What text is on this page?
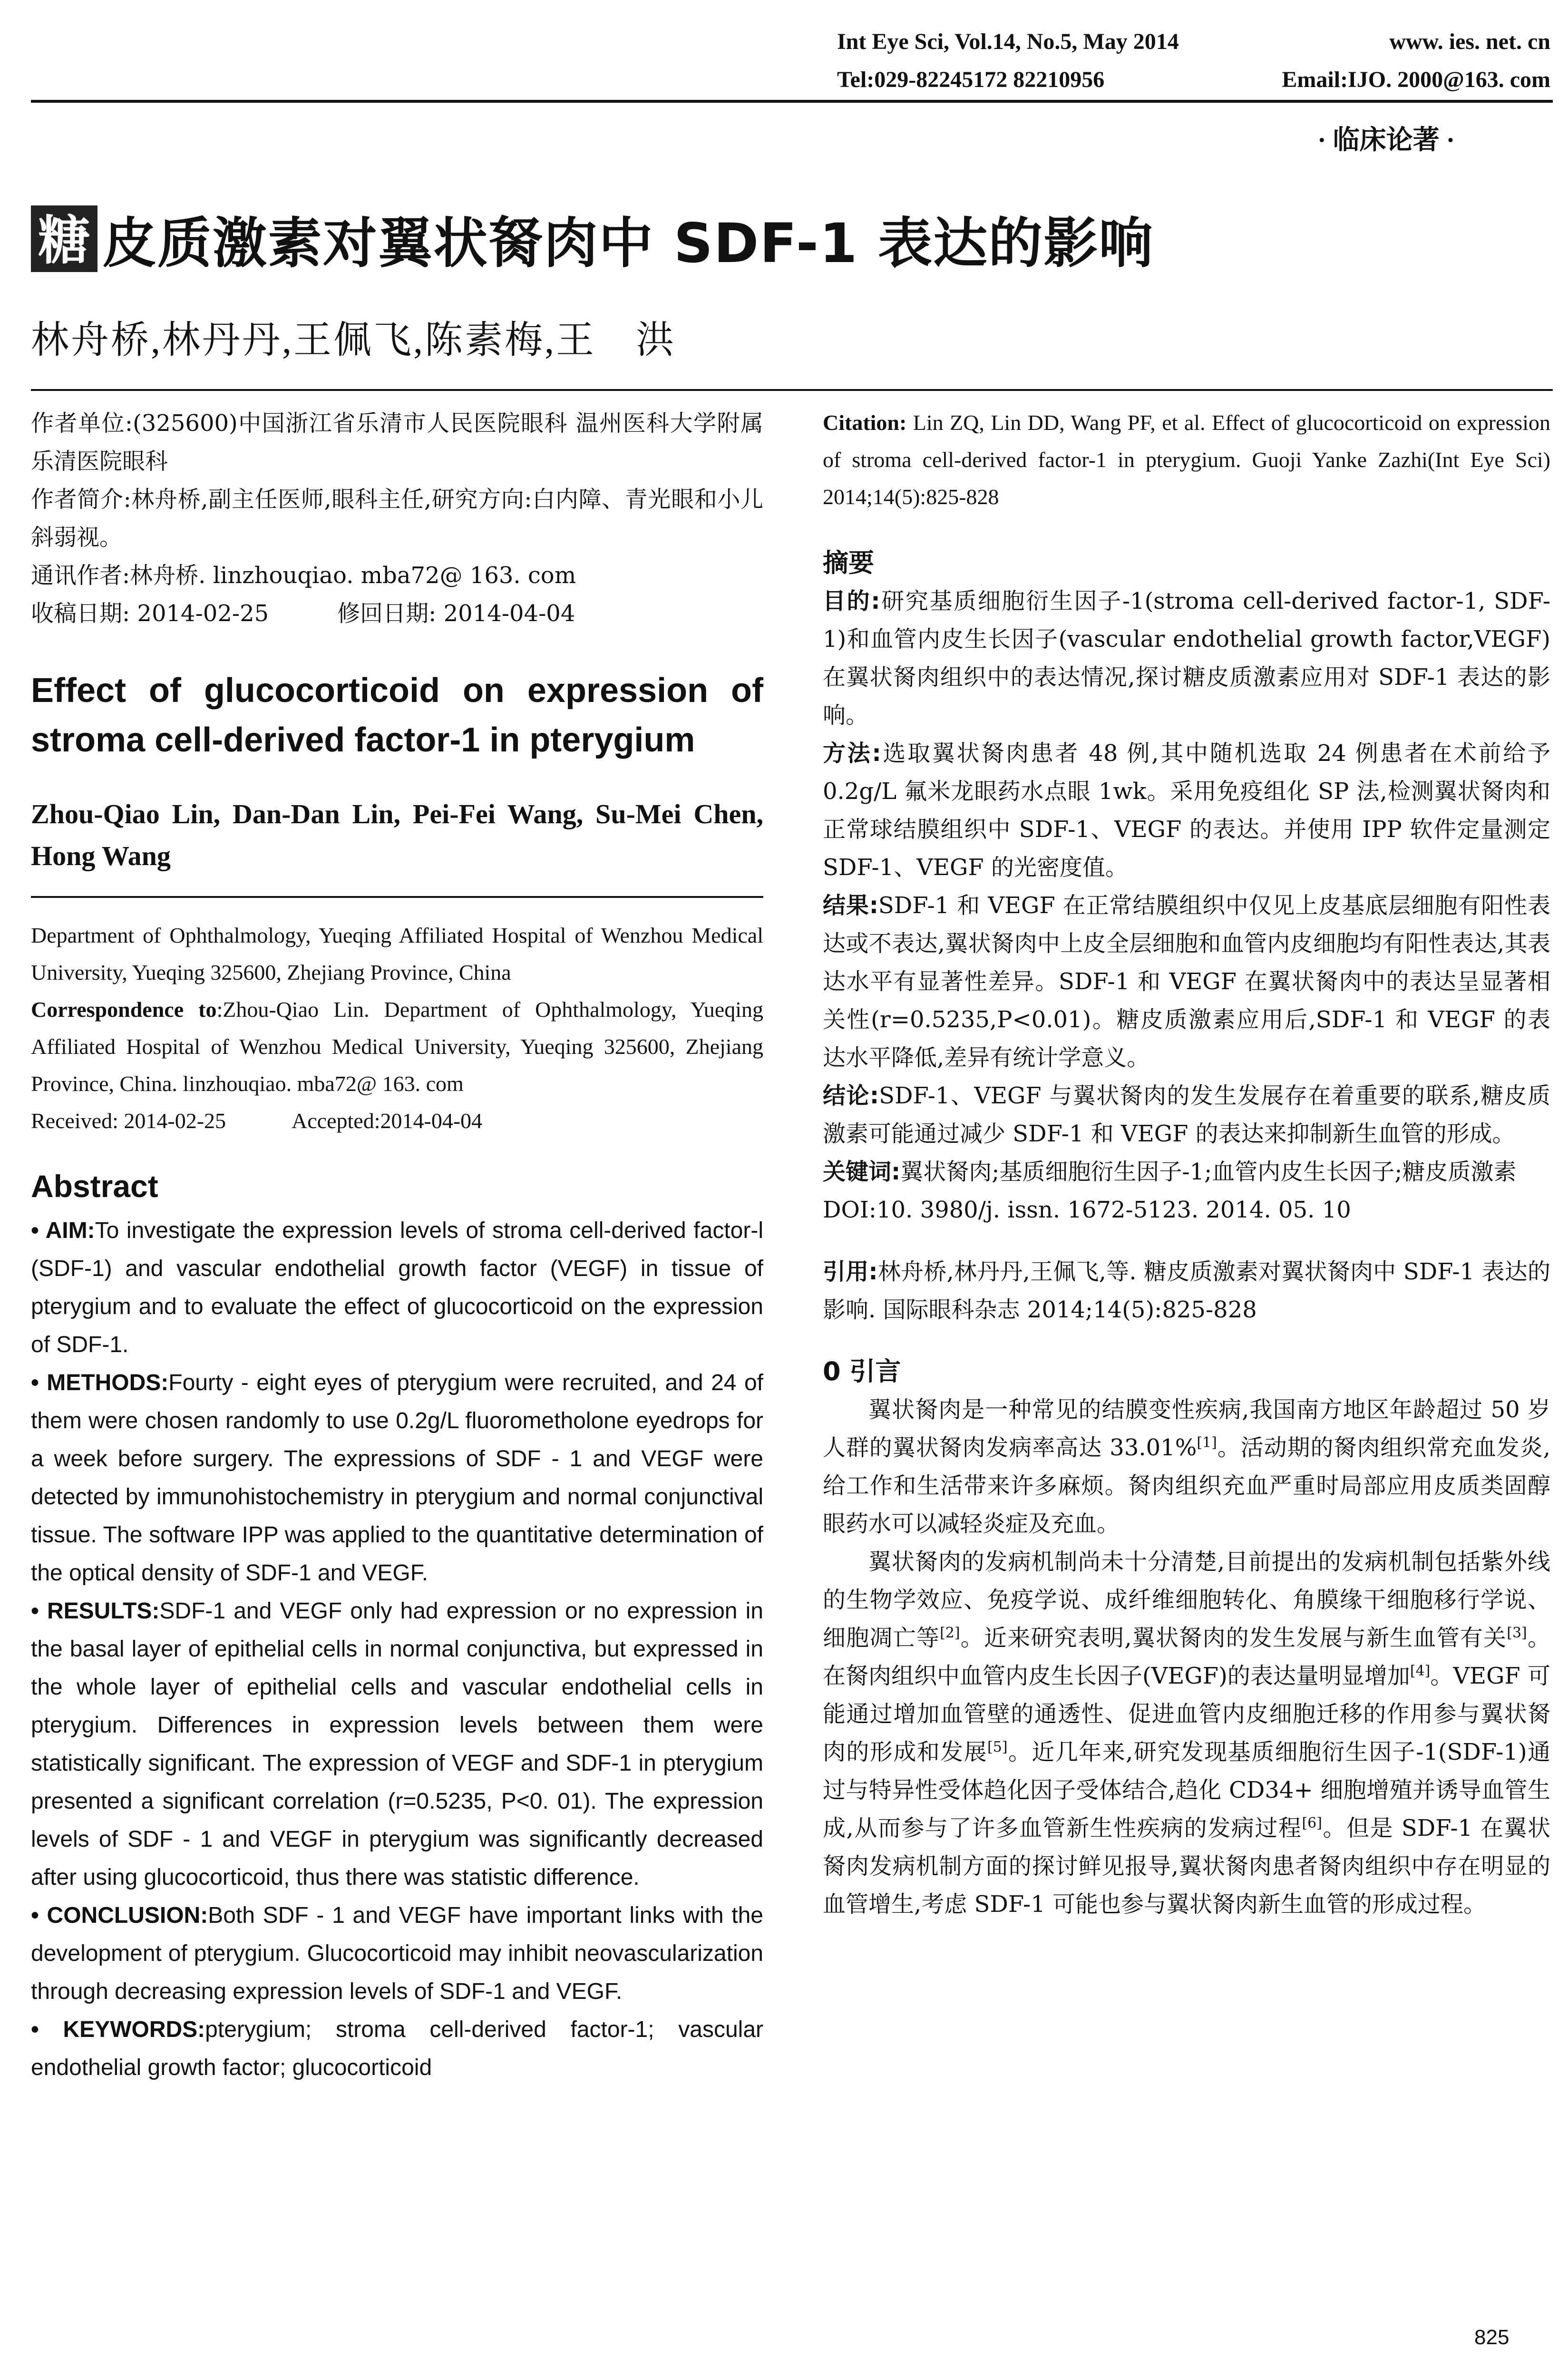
Int Eye Sci, Vol.14, No.5, May 2014	www. ies. net. cn
Tel:029-82245172 82210956	Email:IJO. 2000@163. com
· 临床论著 ·
糖 皮质激素对翼状胬肉中 SDF-1 表达的影响
林舟桥,林丹丹,王佩飞,陈素梅,王　洪

作者单位:(325600)中国浙江省乐清市人民医院眼科 温州医科大学附属乐清医院眼科

作者简介:林舟桥,副主任医师,眼科主任,研究方向:白内障、青光眼和小儿斜弱视。

通讯作者:林舟桥. linzhouqiao. mba72@ 163. com

收稿日期: 2014-02-25　　　修回日期: 2014-04-04

Effect of glucocorticoid on expression of stroma cell-derived factor-1 in pterygium

Zhou-Qiao Lin, Dan-Dan Lin, Pei-Fei Wang, Su-Mei Chen, Hong Wang

Department of Ophthalmology, Yueqing Affiliated Hospital of Wenzhou Medical University, Yueqing 325600, Zhejiang Province, China

Correspondence to:Zhou-Qiao Lin. Department of Ophthalmology, Yueqing Affiliated Hospital of Wenzhou Medical University, Yueqing 325600, Zhejiang Province, China. linzhouqiao. mba72@ 163. com

Received: 2014-02-25　　　Accepted:2014-04-04

Abstract

• AIM:To investigate the expression levels of stroma cell-derived factor-l (SDF-1) and vascular endothelial growth factor (VEGF) in tissue of pterygium and to evaluate the effect of glucocorticoid on the expression of SDF-1.

• METHODS:Fourty - eight eyes of pterygium were recruited, and 24 of them were chosen randomly to use 0.2g/L fluorometholone eyedrops for a week before surgery. The expressions of SDF - 1 and VEGF were detected by immunohistochemistry in pterygium and normal conjunctival tissue. The software IPP was applied to the quantitative determination of the optical density of SDF-1 and VEGF.

• RESULTS:SDF-1 and VEGF only had expression or no expression in the basal layer of epithelial cells in normal conjunctiva, but expressed in the whole layer of epithelial cells and vascular endothelial cells in pterygium. Differences in expression levels between them were statistically significant. The expression of VEGF and SDF-1 in pterygium presented a significant correlation (r=0.5235, P<0. 01). The expression levels of SDF - 1 and VEGF in pterygium was significantly decreased after using glucocorticoid, thus there was statistic difference.

• CONCLUSION:Both SDF - 1 and VEGF have important links with the development of pterygium. Glucocorticoid may inhibit neovascularization through decreasing expression levels of SDF-1 and VEGF.

• KEYWORDS:pterygium; stroma cell-derived factor-1; vascular endothelial growth factor; glucocorticoid

Citation: Lin ZQ, Lin DD, Wang PF, et al. Effect of glucocorticoid on expression of stroma cell-derived factor-1 in pterygium. Guoji Yanke Zazhi(Int Eye Sci) 2014;14(5):825-828

摘要

目的:研究基质细胞衍生因子-1(stroma cell-derived factor-1, SDF-1)和血管内皮生长因子(vascular endothelial growth factor,VEGF)在翼状胬肉组织中的表达情况,探讨糖皮质激素应用对 SDF-1 表达的影响。

方法:选取翼状胬肉患者 48 例,其中随机选取 24 例患者在术前给予 0.2g/L 氟米龙眼药水点眼 1wk。采用免疫组化 SP 法,检测翼状胬肉和正常球结膜组织中 SDF-1、VEGF 的表达。并使用 IPP 软件定量测定 SDF-1、VEGF 的光密度值。

结果:SDF-1 和 VEGF 在正常结膜组织中仅见上皮基底层细胞有阳性表达或不表达,翼状胬肉中上皮全层细胞和血管内皮细胞均有阳性表达,其表达水平有显著性差异。SDF-1 和 VEGF 在翼状胬肉中的表达呈显著相关性(r=0.5235,P<0.01)。糖皮质激素应用后,SDF-1 和 VEGF 的表达水平降低,差异有统计学意义。

结论:SDF-1、VEGF 与翼状胬肉的发生发展存在着重要的联系,糖皮质激素可能通过减少 SDF-1 和 VEGF 的表达来抑制新生血管的形成。

关键词:翼状胬肉;基质细胞衍生因子-1;血管内皮生长因子;糖皮质激素

DOI:10. 3980/j. issn. 1672-5123. 2014. 05. 10

引用:林舟桥,林丹丹,王佩飞,等. 糖皮质激素对翼状胬肉中 SDF-1 表达的影响. 国际眼科杂志 2014;14(5):825-828

0 引言

翼状胬肉是一种常见的结膜变性疾病,我国南方地区年龄超过 50 岁人群的翼状胬肉发病率高达 33.01%[1]。活动期的胬肉组织常充血发炎,给工作和生活带来许多麻烦。胬肉组织充血严重时局部应用皮质类固醇眼药水可以减轻炎症及充血。

翼状胬肉的发病机制尚未十分清楚,目前提出的发病机制包括紫外线的生物学效应、免疫学说、成纤维细胞转化、角膜缘干细胞移行学说、细胞凋亡等[2]。近来研究表明,翼状胬肉的发生发展与新生血管有关[3]。在胬肉组织中血管内皮生长因子(VEGF)的表达量明显增加[4]。VEGF 可能通过增加血管壁的通透性、促进血管内皮细胞迁移的作用参与翼状胬肉的形成和发展[5]。近几年来,研究发现基质细胞衍生因子-1(SDF-1)通过与特异性受体趋化因子受体结合,趋化 CD34+ 细胞增殖并诱导血管生成,从而参与了许多血管新生性疾病的发病过程[6]。但是 SDF-1 在翼状胬肉发病机制方面的探讨鲜见报导,翼状胬肉患者胬肉组织中存在明显的血管增生,考虑 SDF-1 可能也参与翼状胬肉新生血管的形成过程。

825
